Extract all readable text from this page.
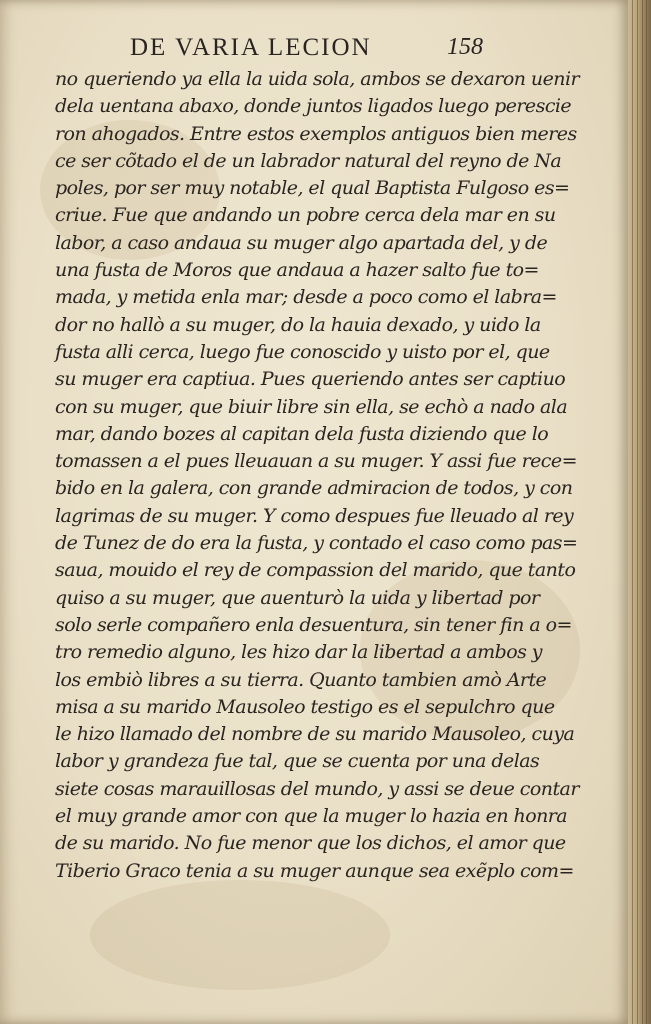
DE VARIA LECION	158
no queriendo ya ella la uida sola, ambos se dexaron uenir
dela uentana abaxo, donde juntos ligados luego perescie
ron ahogados. Entre estos exemplos antiguos bien meres
ce ser cõtado el de un labrador natural del reyno de Na
poles, por ser muy notable, el qual Baptista Fulgoso es=
criue. Fue que andando un pobre cerca dela mar en su
labor, a caso andaua su muger algo apartada del, y de
una fusta de Moros que andaua a hazer salto fue to=
mada, y metida enla mar; desde a poco como el labra=
dor no hallò a su muger, do la hauia dexado, y uido la
fusta alli cerca, luego fue conoscido y uisto por el, que
su muger era captiua. Pues queriendo antes ser captiuo
con su muger, que biuir libre sin ella, se echò a nado ala
mar, dando bozes al capitan dela fusta diziendo que lo
tomassen a el pues lleuauan a su muger. Y assi fue rece=
bido en la galera, con grande admiracion de todos, y con
lagrimas de su muger. Y como despues fue lleuado al rey
de Tunez de do era la fusta, y contado el caso como pas=
saua, mouido el rey de compassion del marido, que tanto
quiso a su muger, que auenturò la uida y libertad por
solo serle compañero enla desuentura, sin tener fin a o=
tro remedio alguno, les hizo dar la libertad a ambos y
los embiò libres a su tierra. Quanto tambien amò Arte
misa a su marido Mausoleo testigo es el sepulchro que
le hizo llamado del nombre de su marido Mausoleo, cuya
labor y grandeza fue tal, que se cuenta por una delas
siete cosas marauillosas del mundo, y assi se deue contar
el muy grande amor con que la muger lo hazia en honra
de su marido. No fue menor que los dichos, el amor que
Tiberio Graco tenia a su muger aunque sea exẽplo com=
